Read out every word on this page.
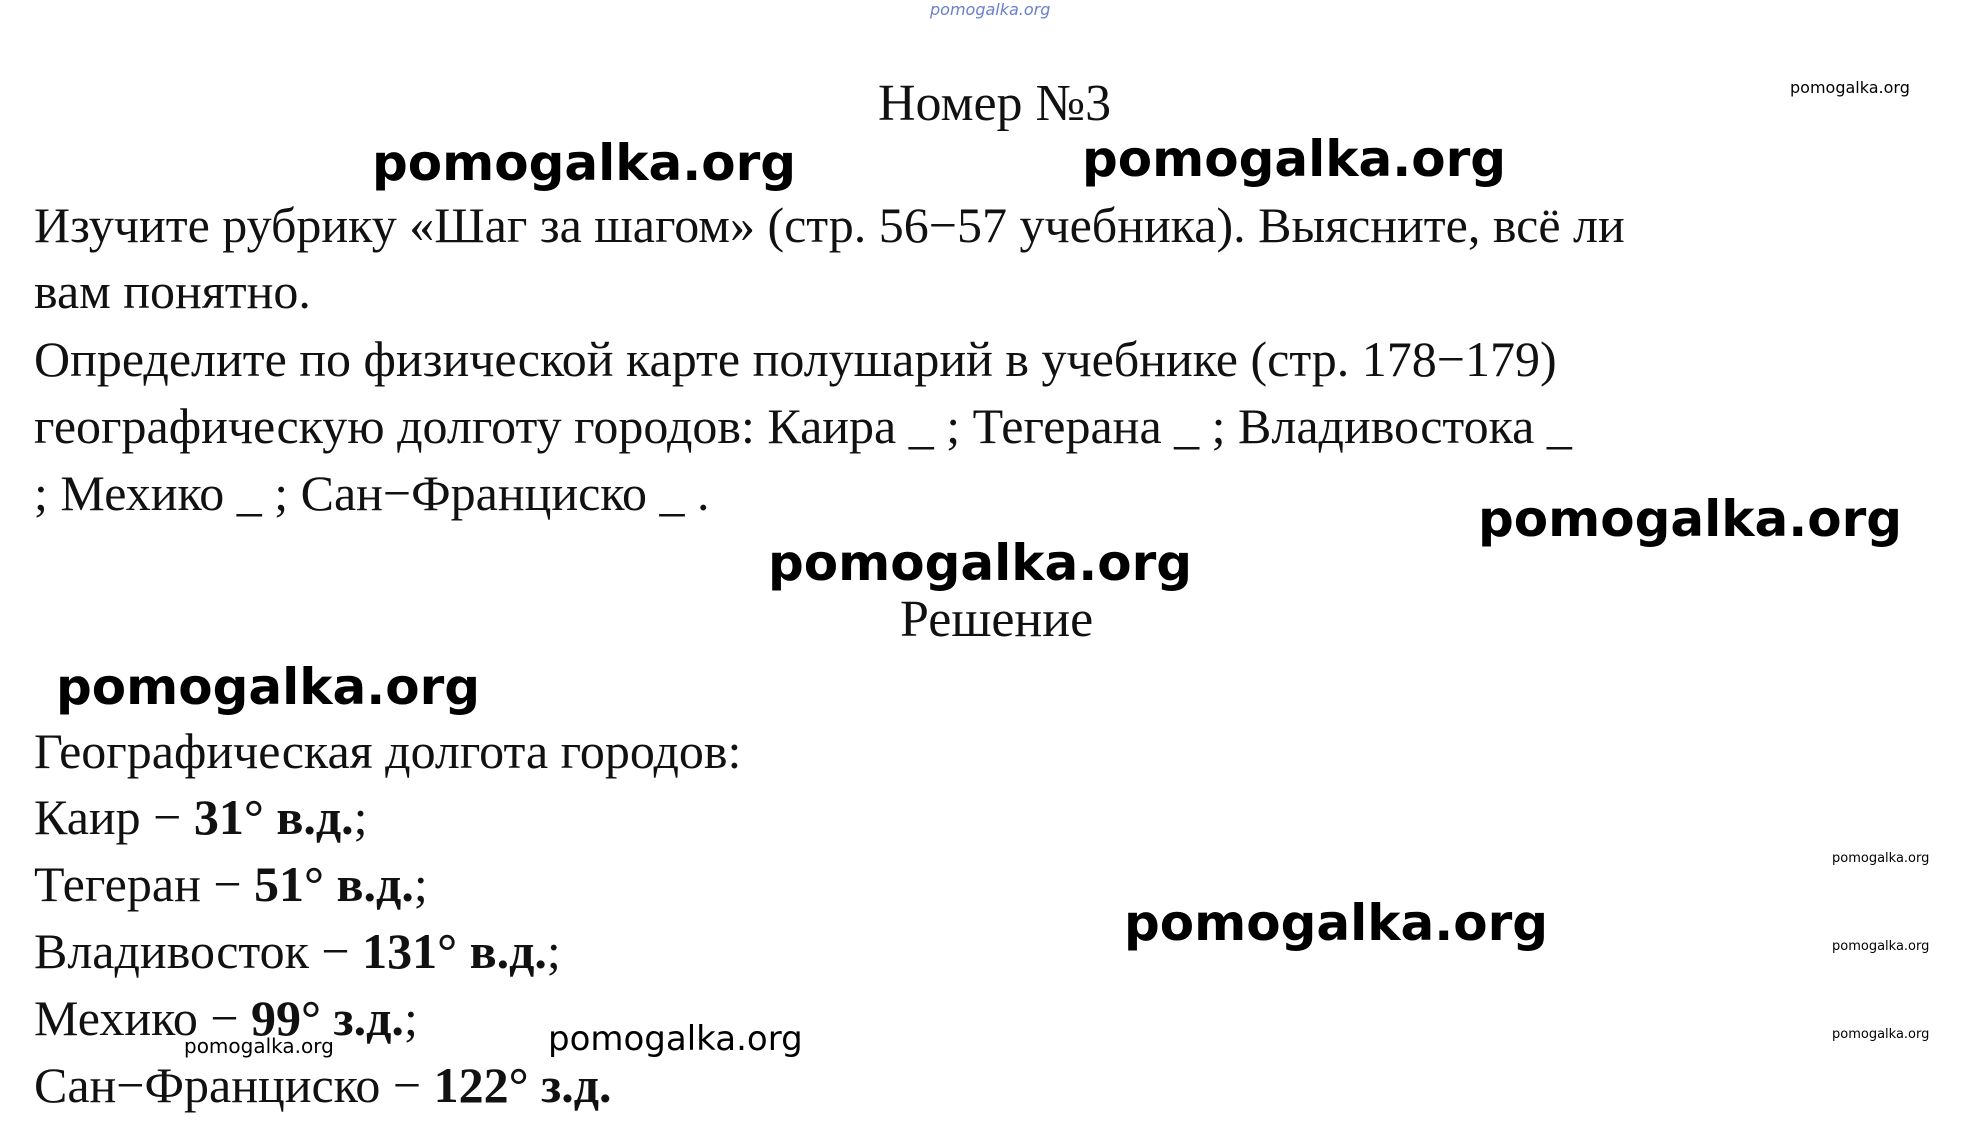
pomogalka.org
Номер №3	pomogalka.org
pomogalka.org	pomogalka.org
Изучите рубрику «Шаг за шагом» (стр. 56−57 учебника). Выясните, всё ли
вам понятно.
Определите по физической карте полушарий в учебнике (стр. 178−179)
географическую долготу городов: Каира _ ; Тегерана _ ; Владивостока _
; Мехико _ ; Сан−Франциско _ .	pomogalka.org
pomogalka.org
Решение
pomogalka.org
Географическая долгота городов:
Каир − 31° в.д.;
Тегеран − 51° в.д.;
Владивосток − 131° в.д.;
Мехико − 99° з.д.;
Сан−Франциско − 122° з.д.
pomogalka.org
pomogalka.org
pomogalka.org
pomogalka.org
pomogalka.org
pomogalka.org
